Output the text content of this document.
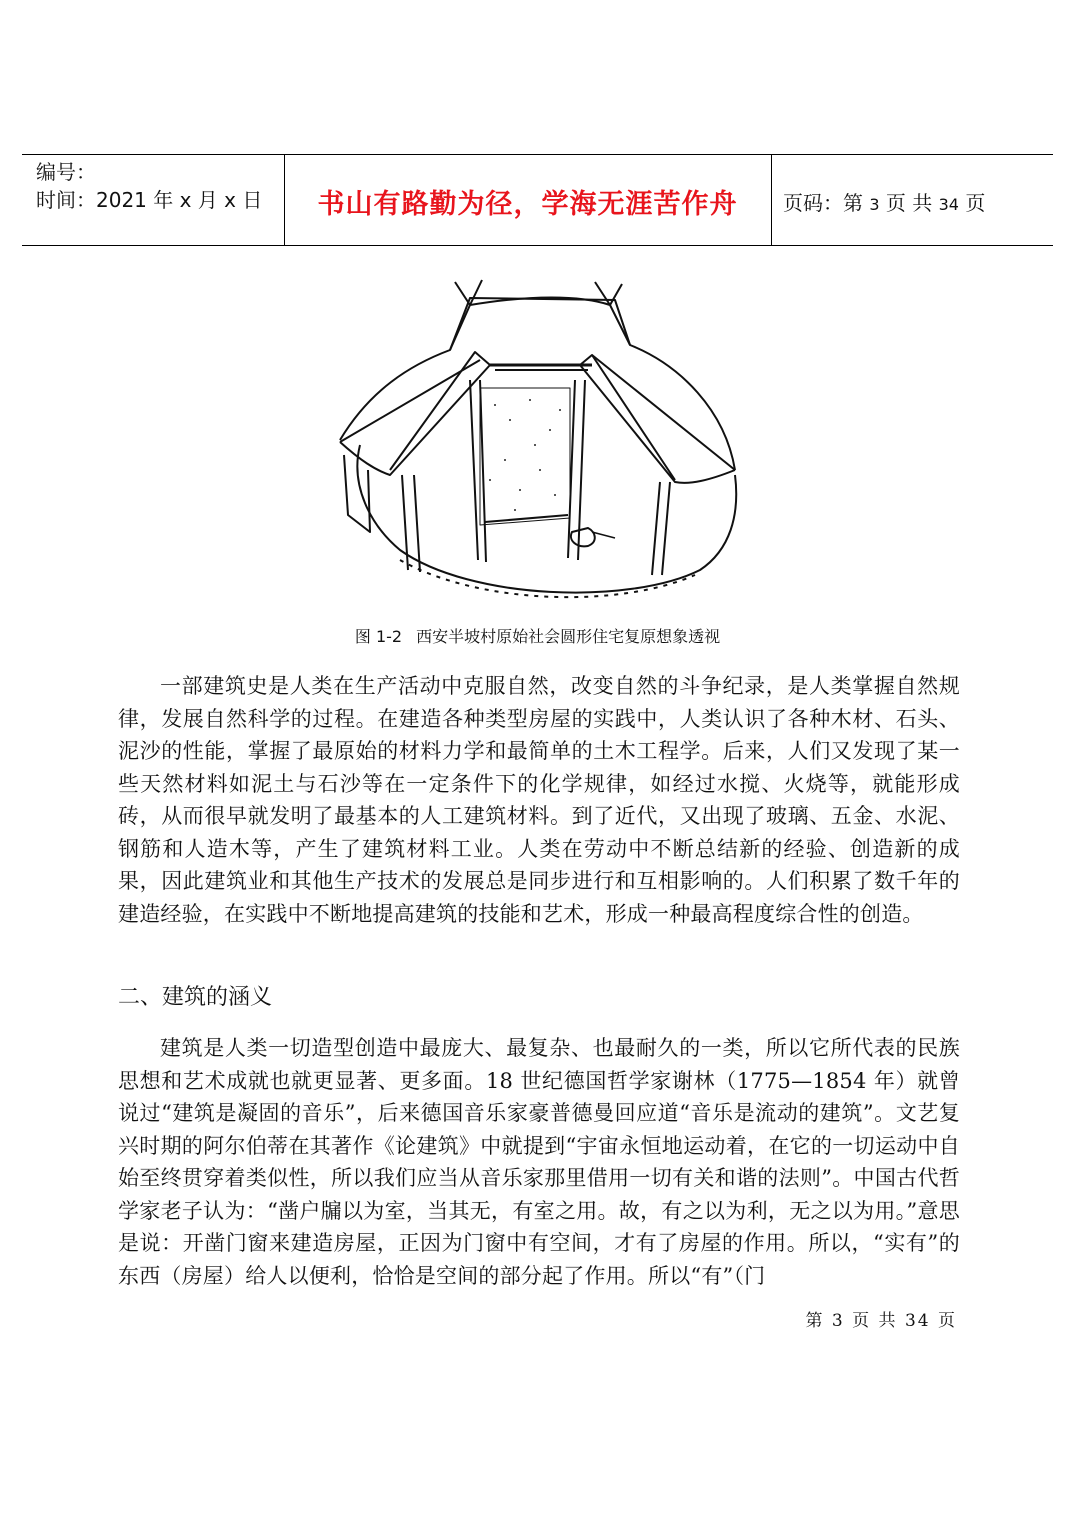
编号：
时间：2021 年 x 月 x 日	书山有路勤为径，学海无涯苦作舟	页码：第 3 页 共 34 页
图 1-2 西安半坡村原始社会圆形住宅复原想象透视

一部建筑史是人类在生产活动中克服自然，改变自然的斗争纪录，是人类掌握自然规律，发展自然科学的过程。在建造各种类型房屋的实践中，人类认识了各种木材、石头、泥沙的性能，掌握了最原始的材料力学和最简单的土木工程学。后来，人们又发现了某一些天然材料如泥土与石沙等在一定条件下的化学规律，如经过水搅、火烧等，就能形成砖，从而很早就发明了最基本的人工建筑材料。到了近代，又出现了玻璃、五金、水泥、钢筋和人造木等，产生了建筑材料工业。人类在劳动中不断总结新的经验、创造新的成果，因此建筑业和其他生产技术的发展总是同步进行和互相影响的。人们积累了数千年的建造经验，在实践中不断地提高建筑的技能和艺术，形成一种最高程度综合性的创造。

二、建筑的涵义

建筑是人类一切造型创造中最庞大、最复杂、也最耐久的一类，所以它所代表的民族思想和艺术成就也就更显著、更多面。18 世纪德国哲学家谢林（1775—1854 年）就曾说过“建筑是凝固的音乐”，后来德国音乐家豪普德曼回应道“音乐是流动的建筑”。文艺复兴时期的阿尔伯蒂在其著作《论建筑》中就提到“宇宙永恒地运动着，在它的一切运动中自始至终贯穿着类似性，所以我们应当从音乐家那里借用一切有关和谐的法则”。中国古代哲学家老子认为：“凿户牖以为室，当其无，有室之用。故，有之以为利，无之以为用。”意思是说：开凿门窗来建造房屋，正因为门窗中有空间，才有了房屋的作用。所以，“实有”的东西（房屋）给人以便利，恰恰是空间的部分起了作用。所以“有”（门

第 3 页 共 34 页
